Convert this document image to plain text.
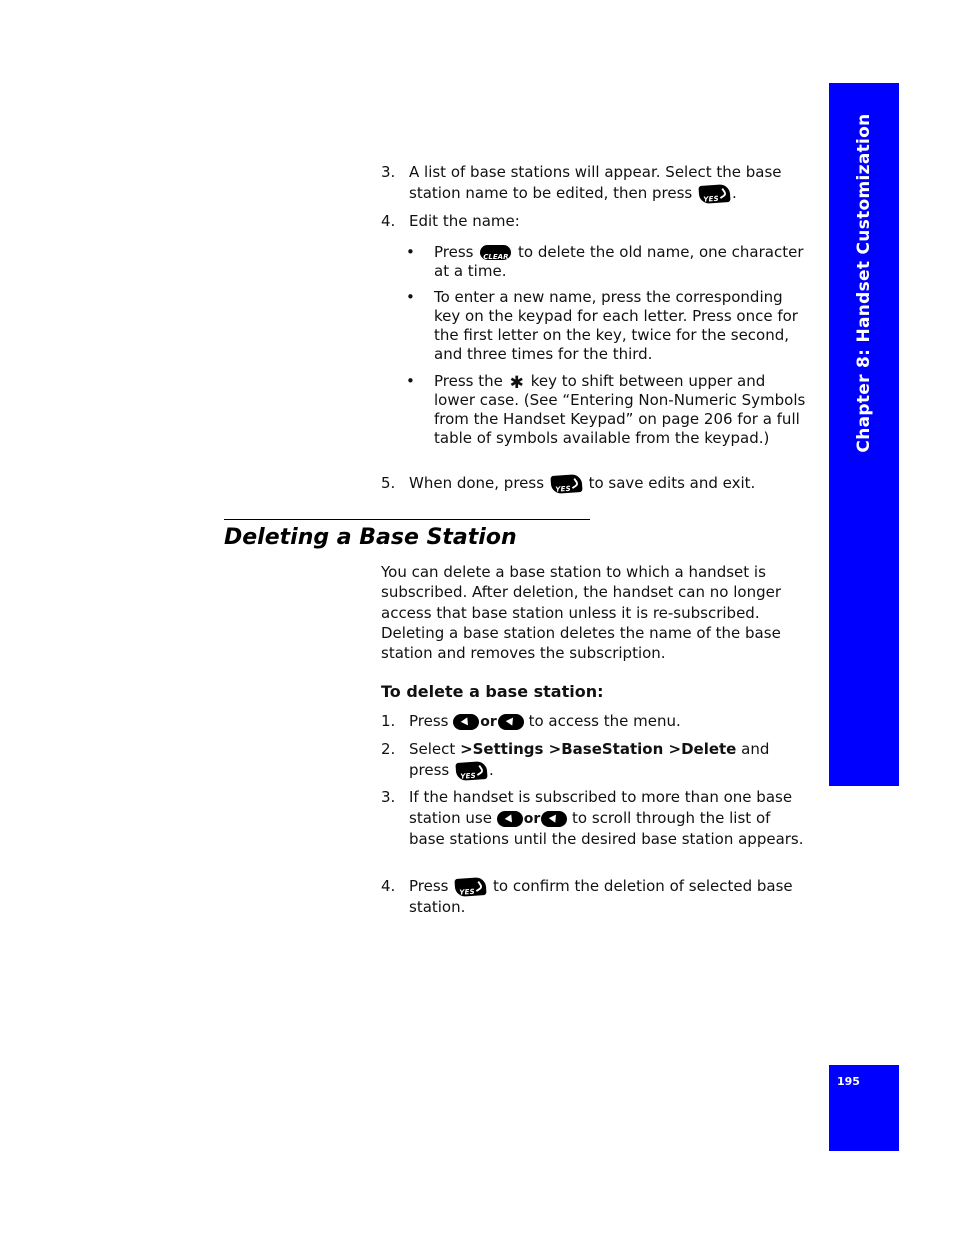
Chapter 8: Handset Customization
3. A list of base stations will appear. Select the base station name to be edited, then press YES	.
4. Edit the name:
• Press CLEAR	to delete the old name, one character at a time.
• To enter a new name, press the corresponding key on the keypad for each letter. Press once for the first letter on the key, twice for the second, and three times for the third.
• Press the ✱ key to shift between upper and lower case. (See “Entering Non-Numeric Symbols from the Handset Keypad” on page 206 for a full table of symbols available from the keypad.)
5. When done, press YES	to save edits and exit.
Deleting a Base Station
You can delete a base station to which a handset is subscribed. After deletion, the handset can no longer access that base station unless it is re-subscribed. Deleting a base station deletes the name of the base station and removes the subscription.
To delete a base station:
1. Press or to access the menu.
2. Select >Settings >BaseStation >Delete and press YES	.
3. If the handset is subscribed to more than one base station use or to scroll through the list of base stations until the desired base station appears.
4. Press YES	to confirm the deletion of selected base station.
195
